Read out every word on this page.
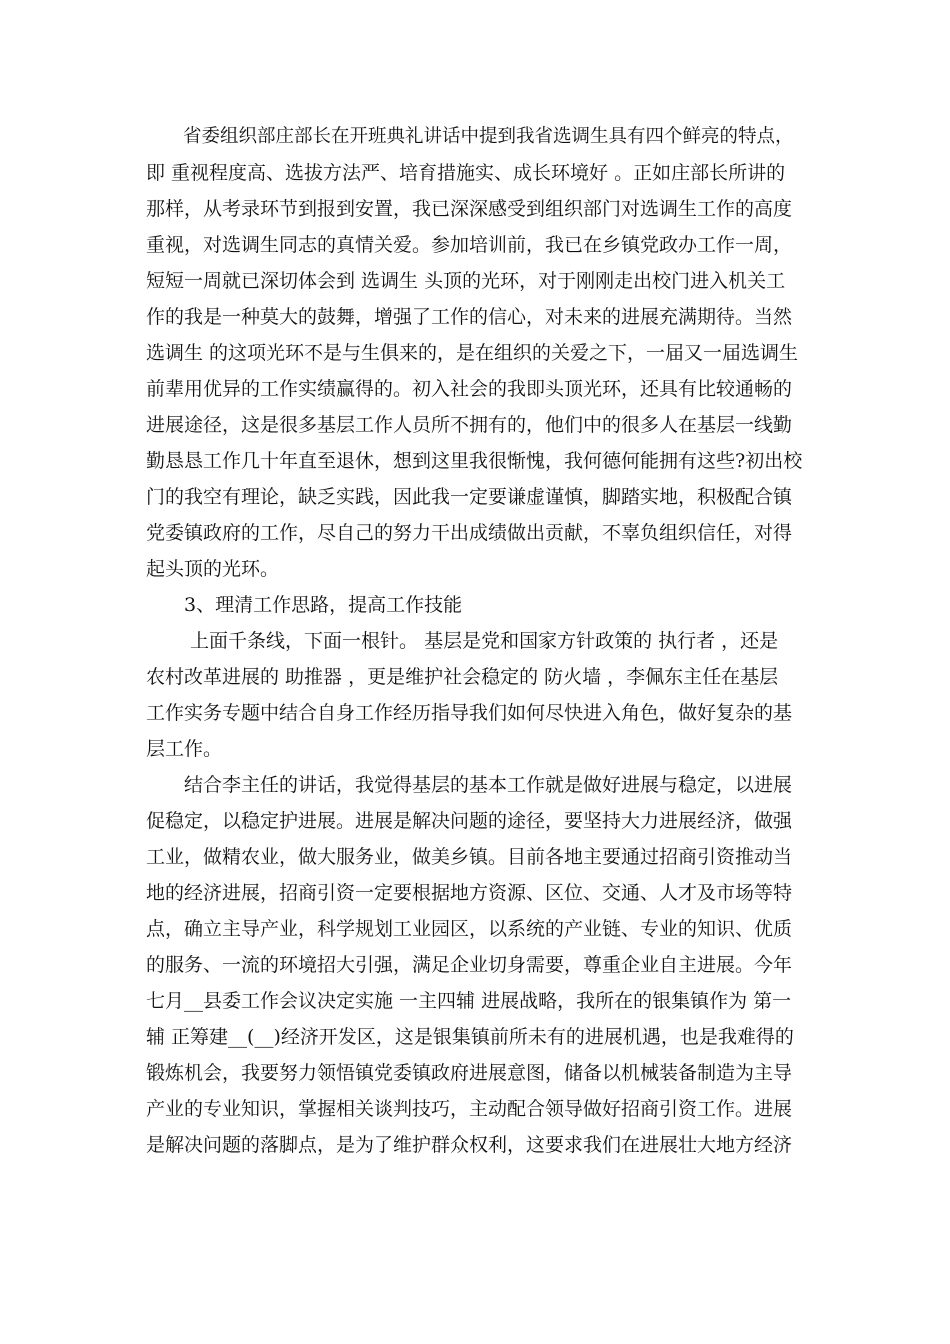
　　省委组织部庄部长在开班典礼讲话中提到我省选调生具有四个鲜亮的特点，

即 重视程度高、选拔方法严、培育措施实、成长环境好 。正如庄部长所讲的

那样，从考录环节到报到安置，我已深深感受到组织部门对选调生工作的高度

重视，对选调生同志的真情关爱。参加培训前，我已在乡镇党政办工作一周，

短短一周就已深切体会到 选调生 头顶的光环，对于刚刚走出校门进入机关工

作的我是一种莫大的鼓舞，增强了工作的信心，对未来的进展充满期待。当然

选调生 的这项光环不是与生俱来的，是在组织的关爱之下，一届又一届选调生

前辈用优异的工作实绩赢得的。初入社会的我即头顶光环，还具有比较通畅的

进展途径，这是很多基层工作人员所不拥有的，他们中的很多人在基层一线勤

勤恳恳工作几十年直至退休，想到这里我很惭愧，我何德何能拥有这些?初出校

门的我空有理论，缺乏实践，因此我一定要谦虚谨慎，脚踏实地，积极配合镇

党委镇政府的工作，尽自己的努力干出成绩做出贡献，不辜负组织信任，对得

起头顶的光环。

　　3、理清工作思路，提高工作技能

　　 上面千条线，下面一根针。 基层是党和国家方针政策的 执行者 ，还是

农村改革进展的 助推器 ，更是维护社会稳定的 防火墙 ，李佩东主任在基层

工作实务专题中结合自身工作经历指导我们如何尽快进入角色，做好复杂的基

层工作。

　　结合李主任的讲话，我觉得基层的基本工作就是做好进展与稳定，以进展

促稳定，以稳定护进展。进展是解决问题的途径，要坚持大力进展经济，做强

工业，做精农业，做大服务业，做美乡镇。目前各地主要通过招商引资推动当

地的经济进展，招商引资一定要根据地方资源、区位、交通、人才及市场等特

点，确立主导产业，科学规划工业园区，以系统的产业链、专业的知识、优质

的服务、一流的环境招大引强，满足企业切身需要，尊重企业自主进展。今年

七月__县委工作会议决定实施 一主四辅 进展战略，我所在的银集镇作为 第一

辅 正筹建__(__)经济开发区，这是银集镇前所未有的进展机遇，也是我难得的

锻炼机会，我要努力领悟镇党委镇政府进展意图，储备以机械装备制造为主导

产业的专业知识，掌握相关谈判技巧，主动配合领导做好招商引资工作。进展

是解决问题的落脚点，是为了维护群众权利，这要求我们在进展壮大地方经济
